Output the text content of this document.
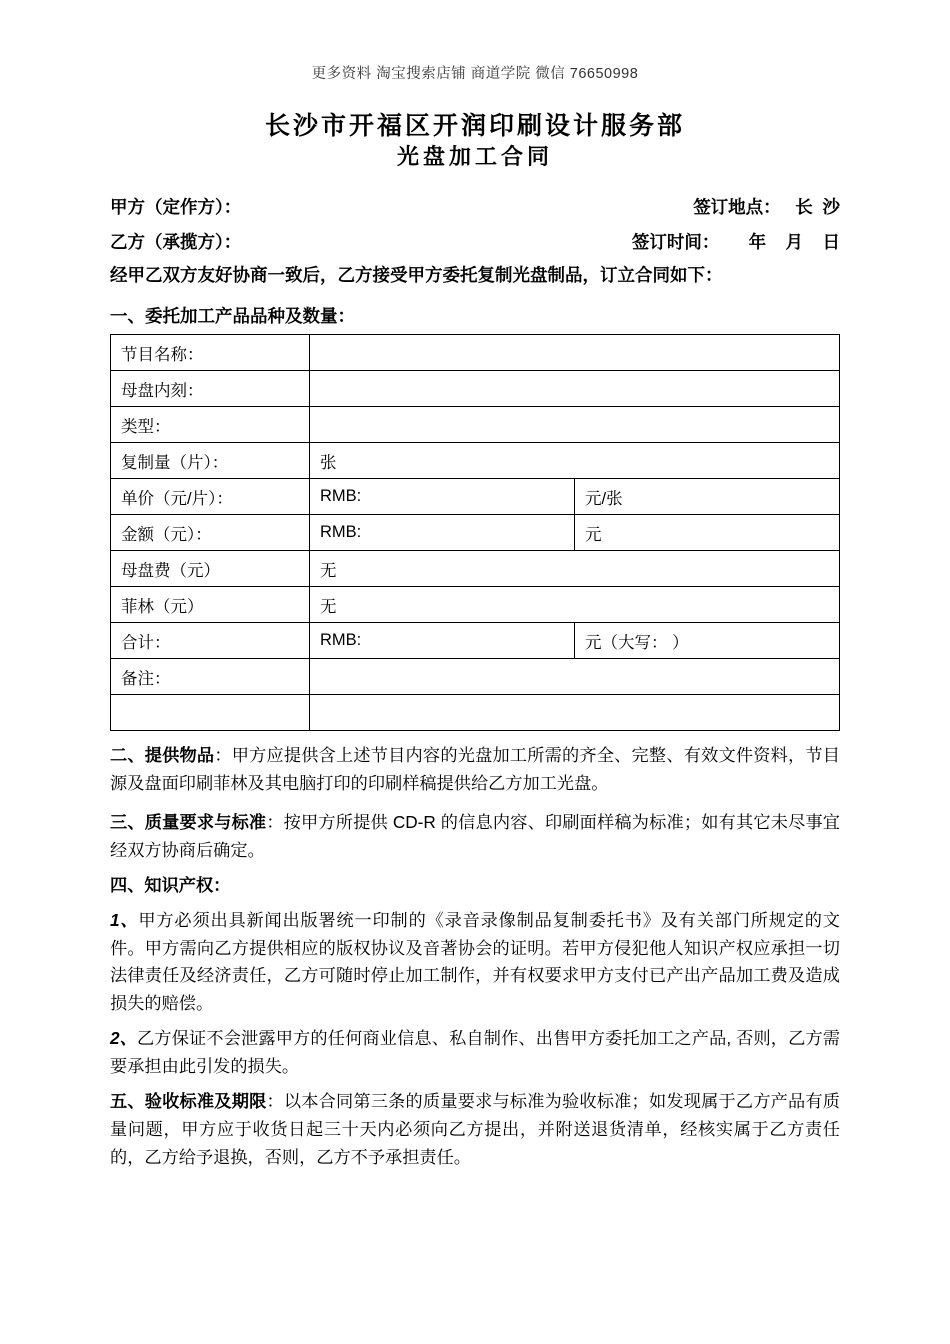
更多资料 淘宝搜索店铺 商道学院 微信 76650998
长沙市开福区开润印刷设计服务部
光盘加工合同
甲方（定作方）：	签订地点：   长  沙
乙方（承揽方）：	签订时间：      年    月    日
经甲乙双方友好协商一致后，乙方接受甲方委托复制光盘制品，订立合同如下：
一、委托加工产品品种及数量：
节目名称：		
母盘内刻：		
类型：		
复制量（片）：	张	
单价（元/片）：	RMB:	元/张
金额（元）：	RMB:	元
母盘费（元）	无	
菲林（元）	无	
合计：	RMB:	元（大写： ）
备注：		

二、提供物品：甲方应提供含上述节目内容的光盘加工所需的齐全、完整、有效文件资料，节目源及盘面印刷菲林及其电脑打印的印刷样稿提供给乙方加工光盘。
三、质量要求与标准：按甲方所提供 CD-R 的信息内容、印刷面样稿为标准；如有其它未尽事宜经双方协商后确定。
四、知识产权：
1、甲方必须出具新闻出版署统一印制的《录音录像制品复制委托书》及有关部门所规定的文件。甲方需向乙方提供相应的版权协议及音著协会的证明。若甲方侵犯他人知识产权应承担一切法律责任及经济责任，乙方可随时停止加工制作，并有权要求甲方支付已产出产品加工费及造成损失的赔偿。
2、乙方保证不会泄露甲方的任何商业信息、私自制作、出售甲方委托加工之产品, 否则，乙方需要承担由此引发的损失。
五、验收标准及期限：以本合同第三条的质量要求与标准为验收标准；如发现属于乙方产品有质量问题，甲方应于收货日起三十天内必须向乙方提出，并附送退货清单，经核实属于乙方责任的，乙方给予退换，否则，乙方不予承担责任。
